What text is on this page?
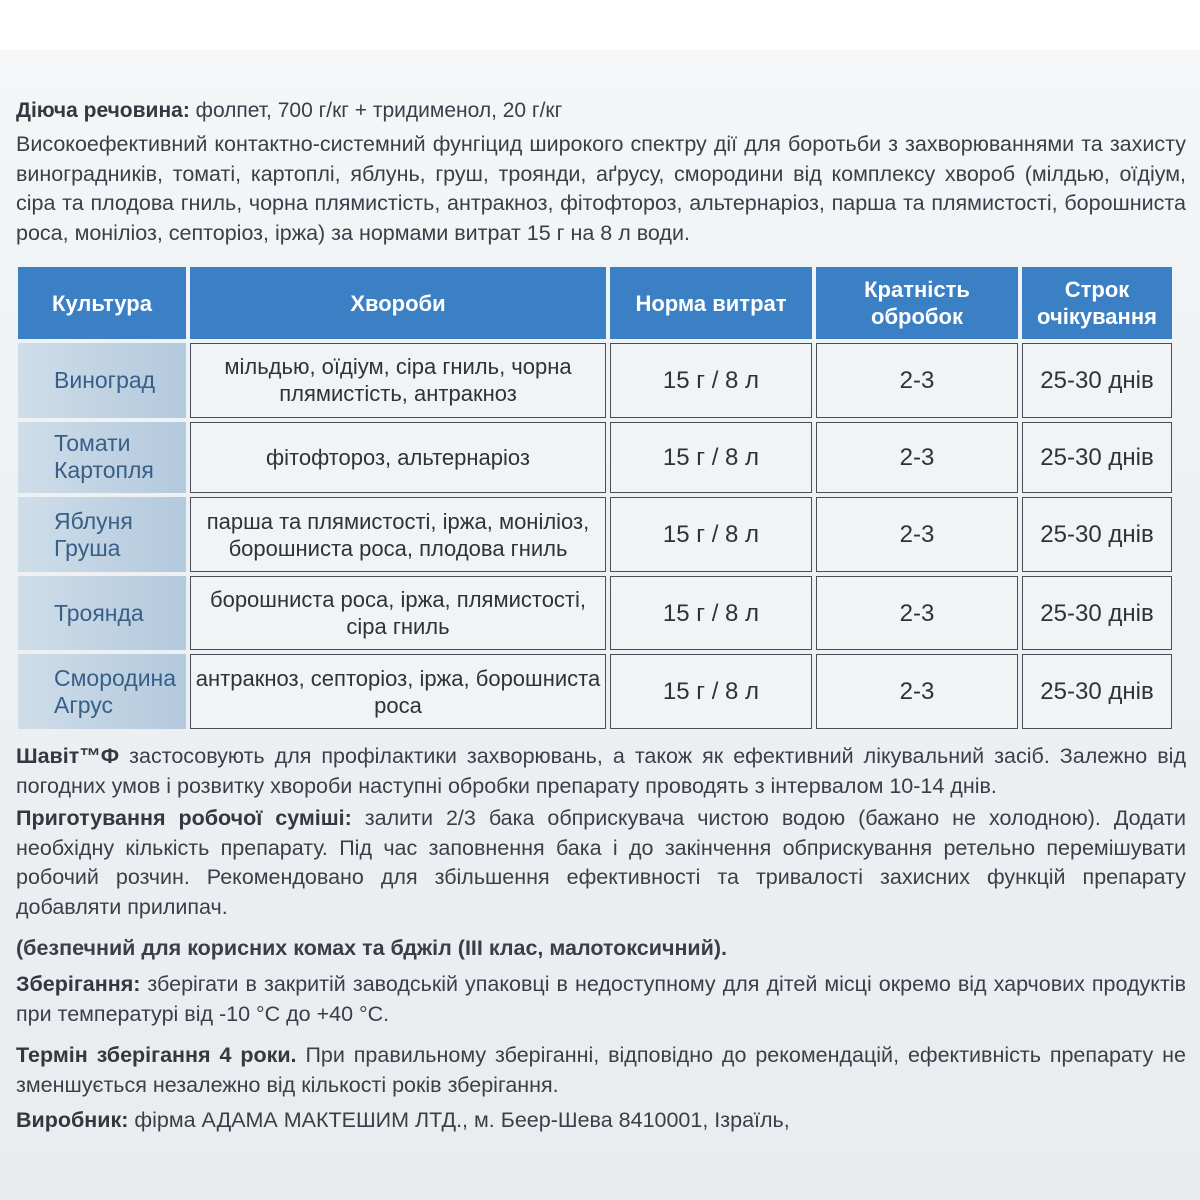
Діюча речовина: фолпет, 700 г/кг + тридименол, 20 г/кг

Високоефективний контактно-системний фунгіцид широкого спектру дії для боротьби з захворюваннями та захисту виноградників, томаті, картоплі, яблунь, груш, троянди, аґрусу, смородини від комплексу хвороб (мілдью, оїдіум, сіра та плодова гниль, чорна плямистість, антракноз, фітофтороз, альтернаріоз, парша та плямистості, борошниста роса, моніліоз, септоріоз, іржа) за нормами витрат 15 г на 8 л води.

Культура	Хвороби	Норма витрат	Кратність обробок	Строк очікування
Виноград	мільдью, оїдіум, сіра гниль, чорна плямистість, антракноз	15 г / 8 л	2-3	25-30 днів
Томати Картопля	фітофтороз, альтернаріоз	15 г / 8 л	2-3	25-30 днів
Яблуня Груша	парша та плямистості, іржа, моніліоз, борошниста роса, плодова гниль	15 г / 8 л	2-3	25-30 днів
Троянда	борошниста роса, іржа, плямистості, сіра гниль	15 г / 8 л	2-3	25-30 днів
Смородина Агрус	антракноз, септоріоз, іржа, борошниста роса	15 г / 8 л	2-3	25-30 днів

Шавіт™Ф застосовують для профілактики захворювань, а також як ефективний лікувальний засіб. Залежно від погодних умов і розвитку хвороби наступні обробки препарату проводять з інтервалом 10-14 днів.

Приготування робочої суміші: залити 2/3 бака обприскувача чистою водою (бажано не холодною). Додати необхідну кількість препарату. Під час заповнення бака і до закінчення обприскування ретельно перемішувати робочий розчин. Рекомендовано для збільшення ефективності та тривалості захисних функцій препарату добавляти прилипач.

(безпечний для корисних комах та бджіл (III клас, малотоксичний).

Зберігання: зберігати в закритій заводській упаковці в недоступному для дітей місці окремо від харчових продуктів при температурі від -10 °С до +40 °С.

Термін зберігання 4 роки. При правильному зберіганні, відповідно до рекомендацій, ефективність препарату не зменшується незалежно від кількості років зберігання.

Виробник: фірма АДАМА МАКТЕШИМ ЛТД., м. Беер-Шева 8410001, Ізраїль,
